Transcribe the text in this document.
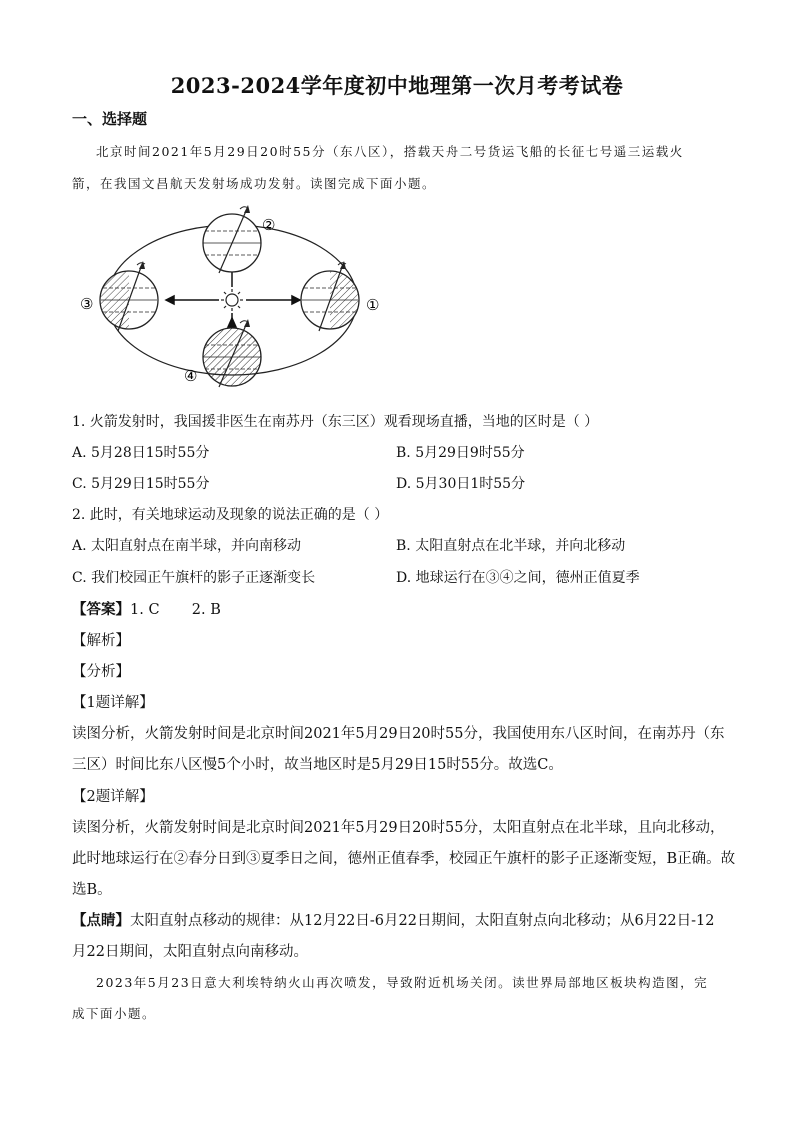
2023-2024学年度初中地理第一次月考考试卷
一、选择题
北京时间2021年5月29日20时55分（东八区），搭载天舟二号货运飞船的长征七号遥三运载火
箭，在我国文昌航天发射场成功发射。读图完成下面小题。
①
②
③
④
1. 火箭发射时，我国援非医生在南苏丹（东三区）观看现场直播，当地的区时是（ ）
A. 5月28日15时55分	B. 5月29日9时55分
C. 5月29日15时55分	D. 5月30日1时55分
2. 此时，有关地球运动及现象的说法正确的是（ ）
A. 太阳直射点在南半球，并向南移动	B. 太阳直射点在北半球，并向北移动
C. 我们校园正午旗杆的影子正逐渐变长	D. 地球运行在③④之间，德州正值夏季
【答案】1. C       2. B
【解析】
【分析】
【1题详解】
读图分析，火箭发射时间是北京时间2021年5月29日20时55分，我国使用东八区时间，在南苏丹（东
三区）时间比东八区慢5个小时，故当地区时是5月29日15时55分。故选C。
【2题详解】
读图分析，火箭发射时间是北京时间2021年5月29日20时55分，太阳直射点在北半球，且向北移动，
此时地球运行在②春分日到③夏季日之间，德州正值春季，校园正午旗杆的影子正逐渐变短，B正确。故
选B。
【点睛】太阳直射点移动的规律：从12月22日-6月22日期间，太阳直射点向北移动；从6月22日-12
月22日期间，太阳直射点向南移动。
2023年5月23日意大利埃特纳火山再次喷发，导致附近机场关闭。读世界局部地区板块构造图，完
成下面小题。
